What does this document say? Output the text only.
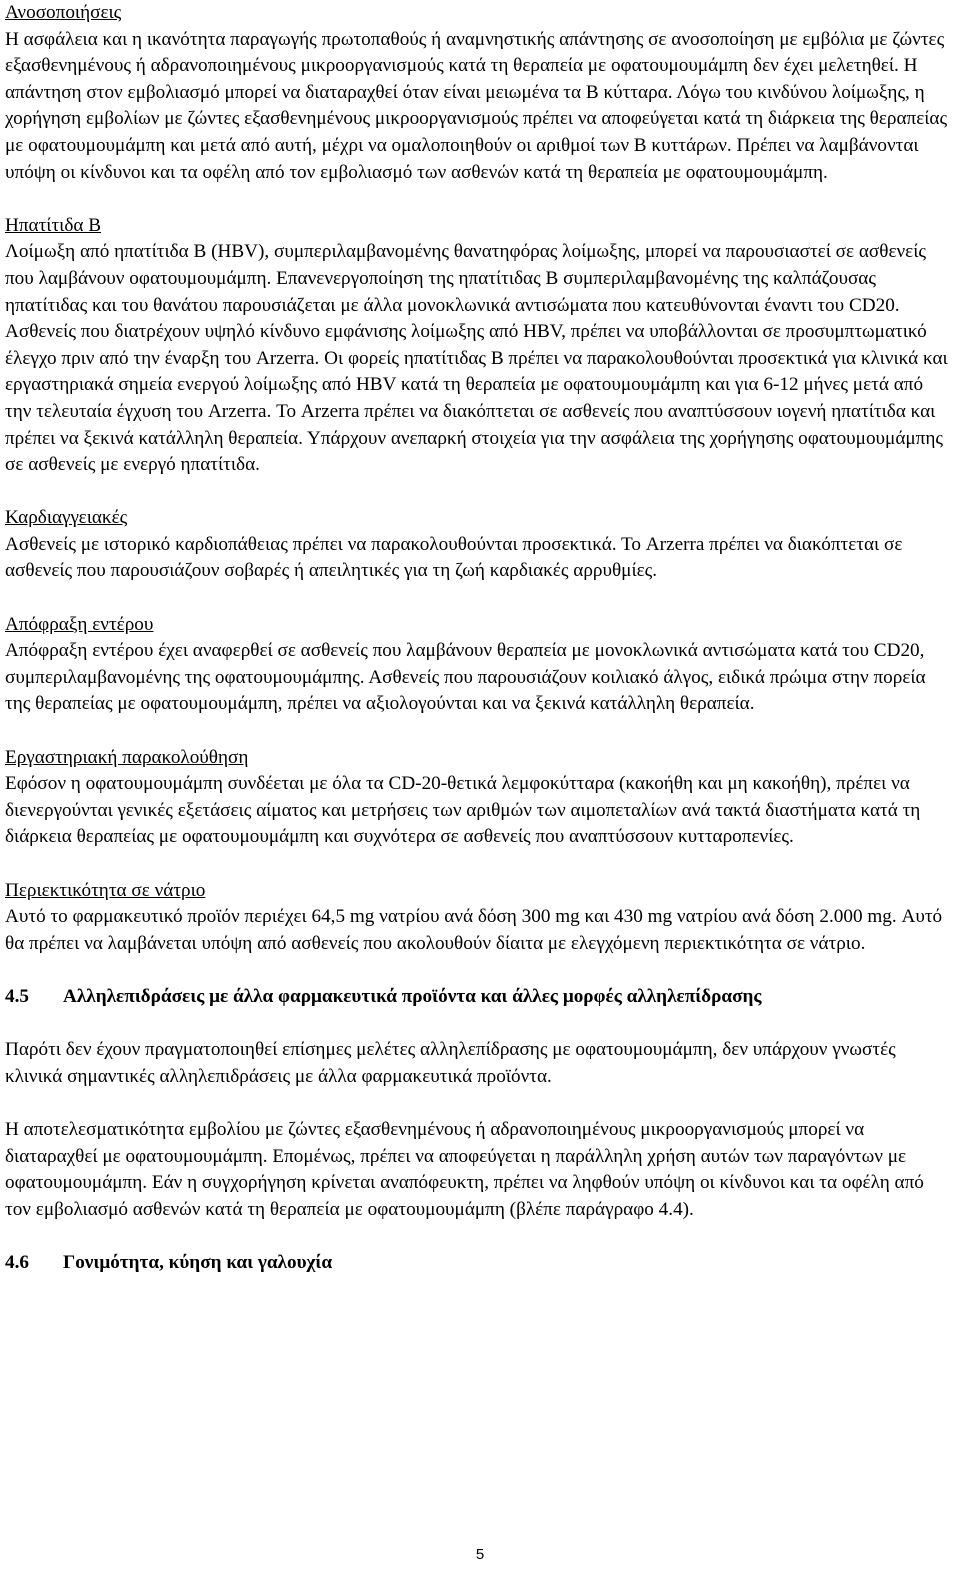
Ανοσοποιήσεις

Η ασφάλεια και η ικανότητα παραγωγής πρωτοπαθούς ή αναμνηστικής απάντησης σε ανοσοποίηση με εμβόλια με ζώντες εξασθενημένους ή αδρανοποιημένους μικροοργανισμούς κατά τη θεραπεία με οφατουμουμάμπη δεν έχει μελετηθεί. Η απάντηση στον εμβολιασμό μπορεί να διαταραχθεί όταν είναι μειωμένα τα B κύτταρα. Λόγω του κινδύνου λοίμωξης, η χορήγηση εμβολίων με ζώντες εξασθενημένους μικροοργανισμούς πρέπει να αποφεύγεται κατά τη διάρκεια της θεραπείας με οφατουμουμάμπη και μετά από αυτή, μέχρι να ομαλοποιηθούν οι αριθμοί των B κυττάρων. Πρέπει να λαμβάνονται υπόψη οι κίνδυνοι και τα οφέλη από τον εμβολιασμό των ασθενών κατά τη θεραπεία με οφατουμουμάμπη.

Ηπατίτιδα Β

Λοίμωξη από ηπατίτιδα Β (HBV), συμπεριλαμβανομένης θανατηφόρας λοίμωξης, μπορεί να παρουσιαστεί σε ασθενείς που λαμβάνουν οφατουμουμάμπη. Επανενεργοποίηση της ηπατίτιδας Β συμπεριλαμβανομένης της καλπάζουσας ηπατίτιδας και του θανάτου παρουσιάζεται με άλλα μονοκλωνικά αντισώματα που κατευθύνονται έναντι του CD20. Ασθενείς που διατρέχουν υψηλό κίνδυνο εμφάνισης λοίμωξης από HBV, πρέπει να υποβάλλονται σε προσυμπτωματικό έλεγχο πριν από την έναρξη του Arzerra. Οι φορείς ηπατίτιδας Β πρέπει να παρακολουθούνται προσεκτικά για κλινικά και εργαστηριακά σημεία ενεργού λοίμωξης από HBV κατά τη θεραπεία με οφατουμουμάμπη και για 6-12 μήνες μετά από την τελευταία έγχυση του Arzerra. Το Arzerra πρέπει να διακόπτεται σε ασθενείς που αναπτύσσουν ιογενή ηπατίτιδα και πρέπει να ξεκινά κατάλληλη θεραπεία. Υπάρχουν ανεπαρκή στοιχεία για την ασφάλεια της χορήγησης οφατουμουμάμπης σε ασθενείς με ενεργό ηπατίτιδα.

Καρδιαγγειακές

Ασθενείς με ιστορικό καρδιοπάθειας πρέπει να παρακολουθούνται προσεκτικά. Το Arzerra πρέπει να διακόπτεται σε ασθενείς που παρουσιάζουν σοβαρές ή απειλητικές για τη ζωή καρδιακές αρρυθμίες.

Απόφραξη εντέρου

Απόφραξη εντέρου έχει αναφερθεί σε ασθενείς που λαμβάνουν θεραπεία με μονοκλωνικά αντισώματα κατά του CD20, συμπεριλαμβανομένης της οφατουμουμάμπης. Ασθενείς που παρουσιάζουν κοιλιακό άλγος, ειδικά πρώιμα στην πορεία της θεραπείας με οφατουμουμάμπη, πρέπει να αξιολογούνται και να ξεκινά κατάλληλη θεραπεία.

Εργαστηριακή παρακολούθηση

Εφόσον η οφατουμουμάμπη συνδέεται με όλα τα CD-20-θετικά λεμφοκύτταρα (κακοήθη και μη κακοήθη), πρέπει να διενεργούνται γενικές εξετάσεις αίματος και μετρήσεις των αριθμών των αιμοπεταλίων ανά τακτά διαστήματα κατά τη διάρκεια θεραπείας με οφατουμουμάμπη και συχνότερα σε ασθενείς που αναπτύσσουν κυτταροπενίες.

Περιεκτικότητα σε νάτριο

Αυτό το φαρμακευτικό προϊόν περιέχει 64,5 mg νατρίου ανά δόση 300 mg και 430 mg νατρίου ανά δόση 2.000 mg. Αυτό θα πρέπει να λαμβάνεται υπόψη από ασθενείς που ακολουθούν δίαιτα με ελεγχόμενη περιεκτικότητα σε νάτριο.

4.5	Αλληλεπιδράσεις με άλλα φαρμακευτικά προϊόντα και άλλες μορφές αλληλεπίδρασης

Παρότι δεν έχουν πραγματοποιηθεί επίσημες μελέτες αλληλεπίδρασης με οφατουμουμάμπη, δεν υπάρχουν γνωστές κλινικά σημαντικές αλληλεπιδράσεις με άλλα φαρμακευτικά προϊόντα.

Η αποτελεσματικότητα εμβολίου με ζώντες εξασθενημένους ή αδρανοποιημένους μικροοργανισμούς μπορεί να διαταραχθεί με οφατουμουμάμπη. Επομένως, πρέπει να αποφεύγεται η παράλληλη χρήση αυτών των παραγόντων με οφατουμουμάμπη. Εάν η συγχορήγηση κρίνεται αναπόφευκτη, πρέπει να ληφθούν υπόψη οι κίνδυνοι και τα οφέλη από τον εμβολιασμό ασθενών κατά τη θεραπεία με οφατουμουμάμπη (βλέπε παράγραφο 4.4).

4.6	Γονιμότητα, κύηση και γαλουχία
5
